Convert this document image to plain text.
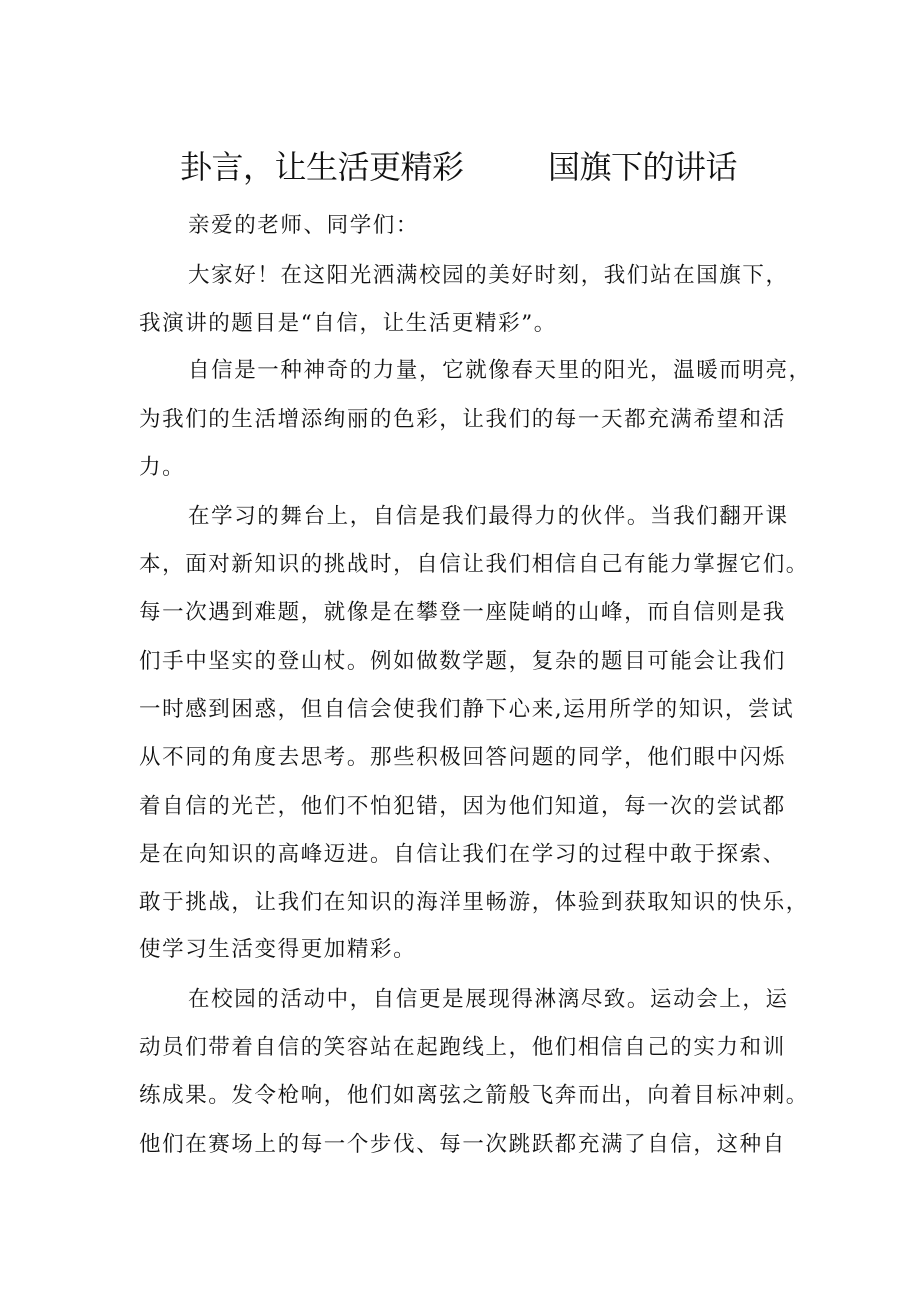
卦言，让生活更精彩	国旗下的讲话
亲爱的老师、同学们：
大家好！在这阳光洒满校园的美好时刻，我们站在国旗下，
我演讲的题目是“自信，让生活更精彩”。
自信是一种神奇的力量，它就像春天里的阳光，温暖而明亮，
为我们的生活增添绚丽的色彩，让我们的每一天都充满希望和活
力。
在学习的舞台上，自信是我们最得力的伙伴。当我们翻开课
本，面对新知识的挑战时，自信让我们相信自己有能力掌握它们。
每一次遇到难题，就像是在攀登一座陡峭的山峰，而自信则是我
们手中坚实的登山杖。例如做数学题，复杂的题目可能会让我们
一时感到困惑，但自信会使我们静下心来,运用所学的知识，尝试
从不同的角度去思考。那些积极回答问题的同学，他们眼中闪烁
着自信的光芒，他们不怕犯错，因为他们知道，每一次的尝试都
是在向知识的高峰迈进。自信让我们在学习的过程中敢于探索、
敢于挑战，让我们在知识的海洋里畅游，体验到获取知识的快乐，
使学习生活变得更加精彩。
在校园的活动中，自信更是展现得淋漓尽致。运动会上，运
动员们带着自信的笑容站在起跑线上，他们相信自己的实力和训
练成果。发令枪响，他们如离弦之箭般飞奔而出，向着目标冲刺。
他们在赛场上的每一个步伐、每一次跳跃都充满了自信，这种自
